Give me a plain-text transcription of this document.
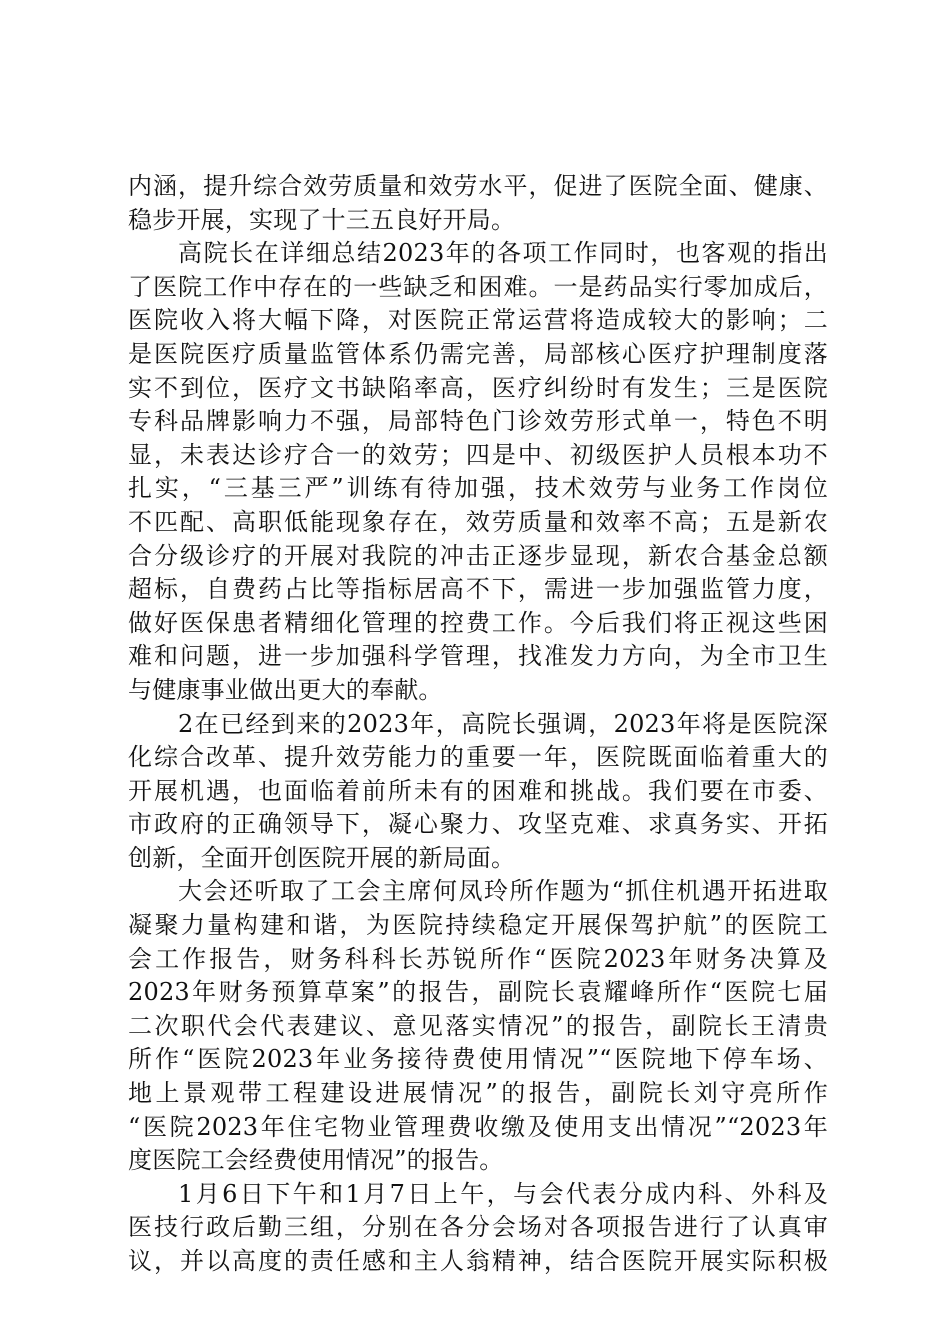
内涵，提升综合效劳质量和效劳水平，促进了医院全面、健康、
稳步开展，实现了十三五良好开局。
高院长在详细总结2023年的各项工作同时，也客观的指出
了医院工作中存在的一些缺乏和困难。一是药品实行零加成后，
医院收入将大幅下降，对医院正常运营将造成较大的影响；二
是医院医疗质量监管体系仍需完善，局部核心医疗护理制度落
实不到位，医疗文书缺陷率高，医疗纠纷时有发生；三是医院
专科品牌影响力不强，局部特色门诊效劳形式单一，特色不明
显，未表达诊疗合一的效劳；四是中、初级医护人员根本功不
扎实，“三基三严”训练有待加强，技术效劳与业务工作岗位
不匹配、高职低能现象存在，效劳质量和效率不高；五是新农
合分级诊疗的开展对我院的冲击正逐步显现，新农合基金总额
超标，自费药占比等指标居高不下，需进一步加强监管力度，
做好医保患者精细化管理的控费工作。今后我们将正视这些困
难和问题，进一步加强科学管理，找准发力方向，为全市卫生
与健康事业做出更大的奉献。
2在已经到来的2023年，高院长强调，2023年将是医院深
化综合改革、提升效劳能力的重要一年，医院既面临着重大的
开展机遇，也面临着前所未有的困难和挑战。我们要在市委、
市政府的正确领导下，凝心聚力、攻坚克难、求真务实、开拓
创新，全面开创医院开展的新局面。
大会还听取了工会主席何凤玲所作题为“抓住机遇开拓进取
凝聚力量构建和谐，为医院持续稳定开展保驾护航”的医院工
会工作报告，财务科科长苏锐所作“医院2023年财务决算及
2023年财务预算草案”的报告，副院长袁耀峰所作“医院七届
二次职代会代表建议、意见落实情况”的报告，副院长王清贵
所作“医院2023年业务接待费使用情况”“医院地下停车场、
地上景观带工程建设进展情况”的报告，副院长刘守亮所作
“医院2023年住宅物业管理费收缴及使用支出情况”“2023年
度医院工会经费使用情况”的报告。
1月6日下午和1月7日上午，与会代表分成内科、外科及
医技行政后勤三组，分别在各分会场对各项报告进行了认真审
议，并以高度的责任感和主人翁精神，结合医院开展实际积极
